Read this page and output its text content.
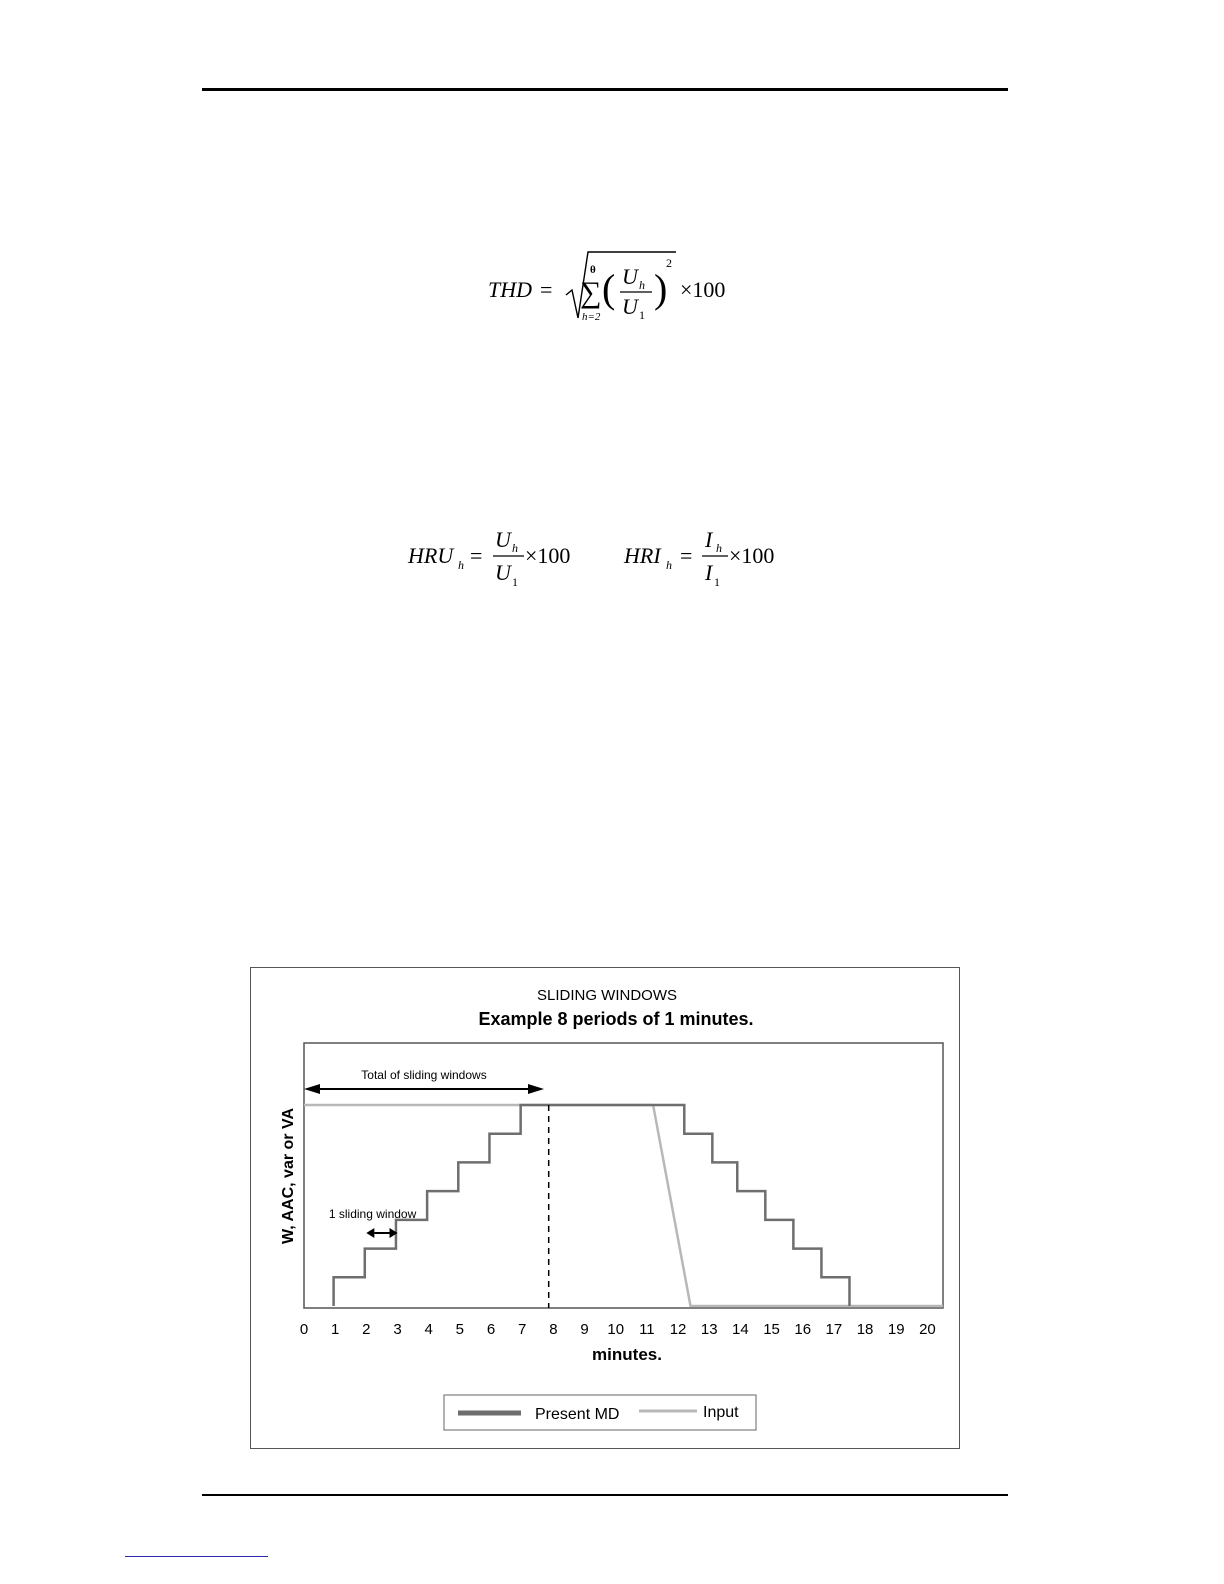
THD =
θ
∑
h=2
( U h
U 1
)
2
×100
HRU h =
U h
U 1
×100 HRI h =
I h
I 1
×100
SLIDING WINDOWS
Example 8 periods of 1 minutes.
W, AAC, var or VA
minutes.
0 1 2 3 4 5 6 7 8 9 10 11 12 13 14 15 16 17 18 19 20
Total of sliding windows
1 sliding window
Present MD	Input
